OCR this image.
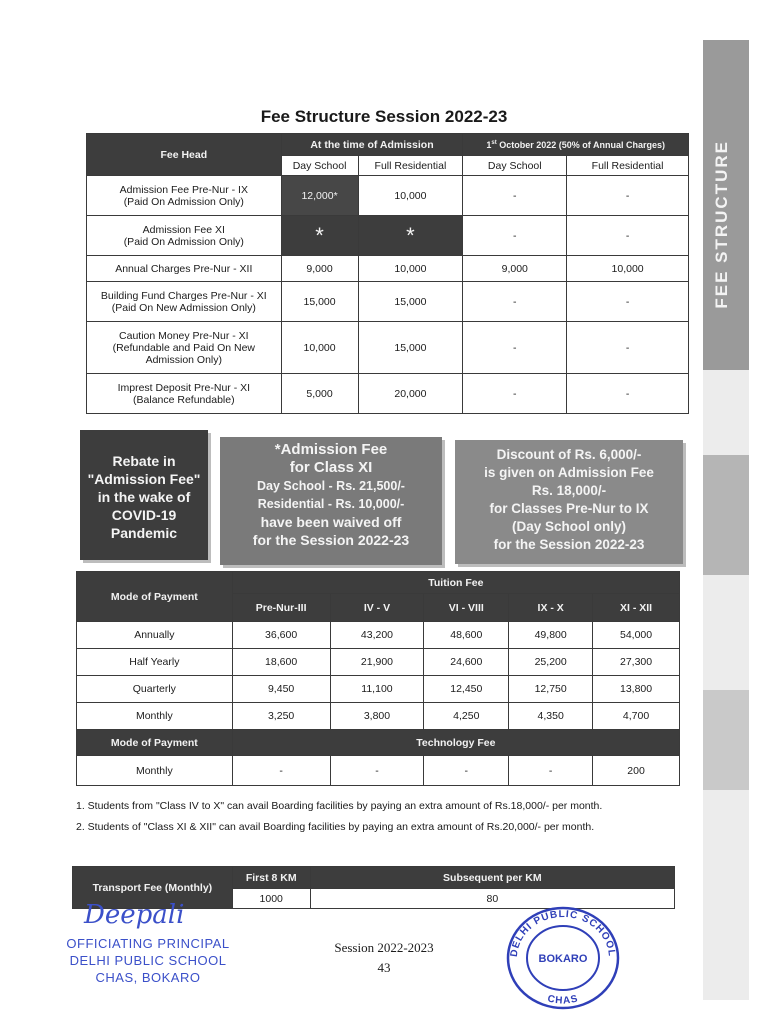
FEE STRUCTURE
Fee Structure Session 2022-23
Fee Head	At the time of Admission		1st October 2022 (50% of Annual Charges)	
	Day School	Full Residential	Day School	Full Residential

Admission Fee Pre-Nur - IX
(Paid On Admission Only)	12,000*	10,000	-	-

Admission Fee XI
(Paid On Admission Only)	*	*	-	-

Annual Charges Pre-Nur - XII	9,000	10,000	9,000	10,000

Building Fund Charges Pre-Nur - XI
(Paid On New Admission Only)	15,000	15,000	-	-

Caution Money Pre-Nur - XI
(Refundable and Paid On New
Admission Only)	10,000	15,000	-	-

Imprest Deposit Pre-Nur - XI
(Balance Refundable)	5,000	20,000	-	-
Rebate in
"Admission Fee"
in the wake of
COVID-19
Pandemic
*Admission Fee
for Class XI
Day School - Rs. 21,500/-
Residential - Rs. 10,000/-
have been waived off
for the Session 2022-23
Discount of Rs. 6,000/-
is given on Admission Fee
Rs. 18,000/-
for Classes Pre-Nur to IX
(Day School only)
for the Session 2022-23
Mode of Payment	Tuition Fee				
	Pre-Nur-III	IV - V	VI - VIII	IX - X	XI - XII
Annually	36,600	43,200	48,600	49,800	54,000
Half Yearly	18,600	21,900	24,600	25,200	27,300
Quarterly	9,450	11,100	12,450	12,750	13,800
Monthly	3,250	3,800	4,250	4,350	4,700
Mode of Payment	Technology Fee				
Monthly	-	-	-	-	200
1. Students from "Class IV to X" can avail Boarding facilities by paying an extra amount of Rs.18,000/- per month.
2. Students of "Class XI & XII" can avail Boarding facilities by paying an extra amount of Rs.20,000/- per month.
Transport Fee (Monthly)	First 8 KM	Subsequent per KM
	1000	80
Deepali
OFFICIATING PRINCIPAL
DELHI PUBLIC SCHOOL
CHAS, BOKARO
Session 2022-2023
43
DELHI PUBLIC SCHOOL
BOKARO
CHAS
